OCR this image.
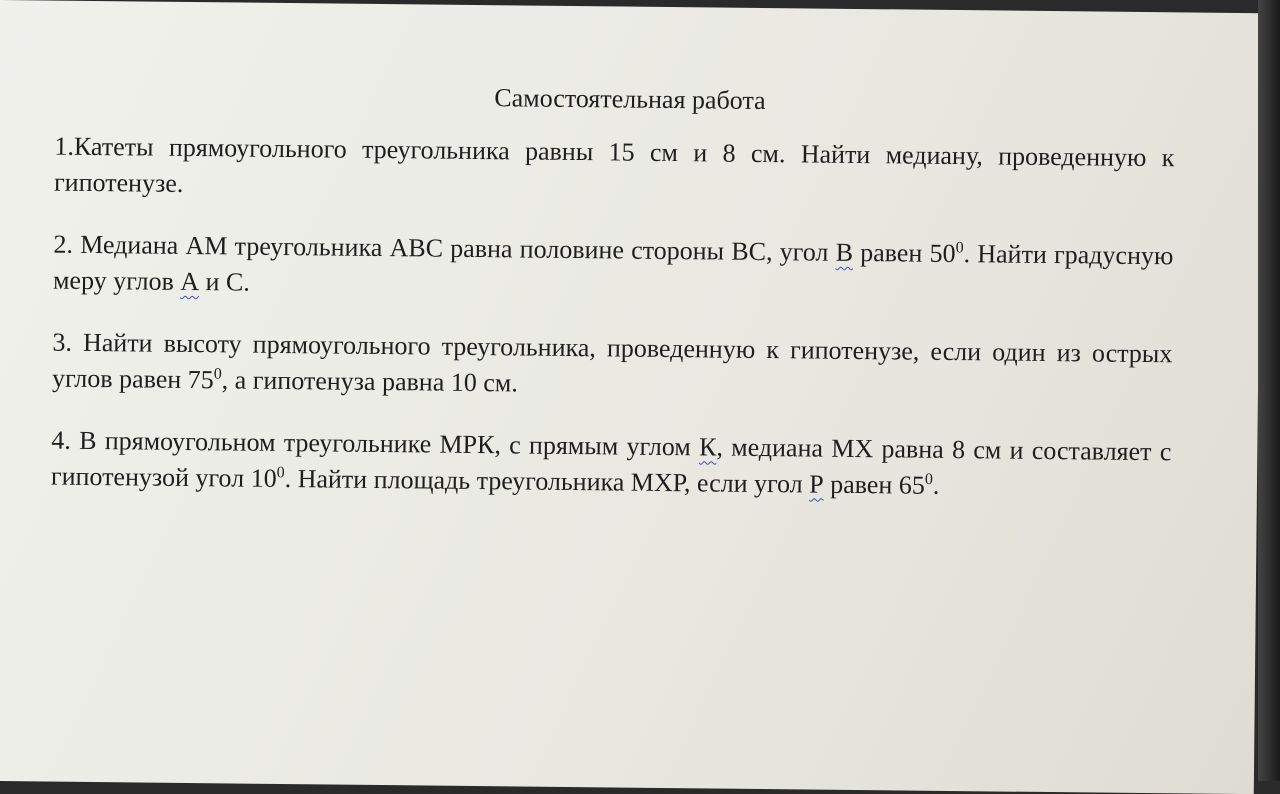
Самостоятельная работа

1.Катеты прямоугольного треугольника равны 15 см и 8 см. Найти медиану, проведенную к гипотенузе.

2. Медиана АМ треугольника АВС равна половине стороны ВС, угол В равен $50^0$. Найти градусную меру углов А и С.

3. Найти высоту прямоугольного треугольника, проведенную к гипотенузе, если один из острых углов равен $75^0$, а гипотенуза равна 10 см.

4. В прямоугольном треугольнике МРК, с прямым углом К, медиана МХ равна 8 см и составляет с гипотенузой угол $10^0$. Найти площадь треугольника МХР, если угол Р равен $65^0$.
